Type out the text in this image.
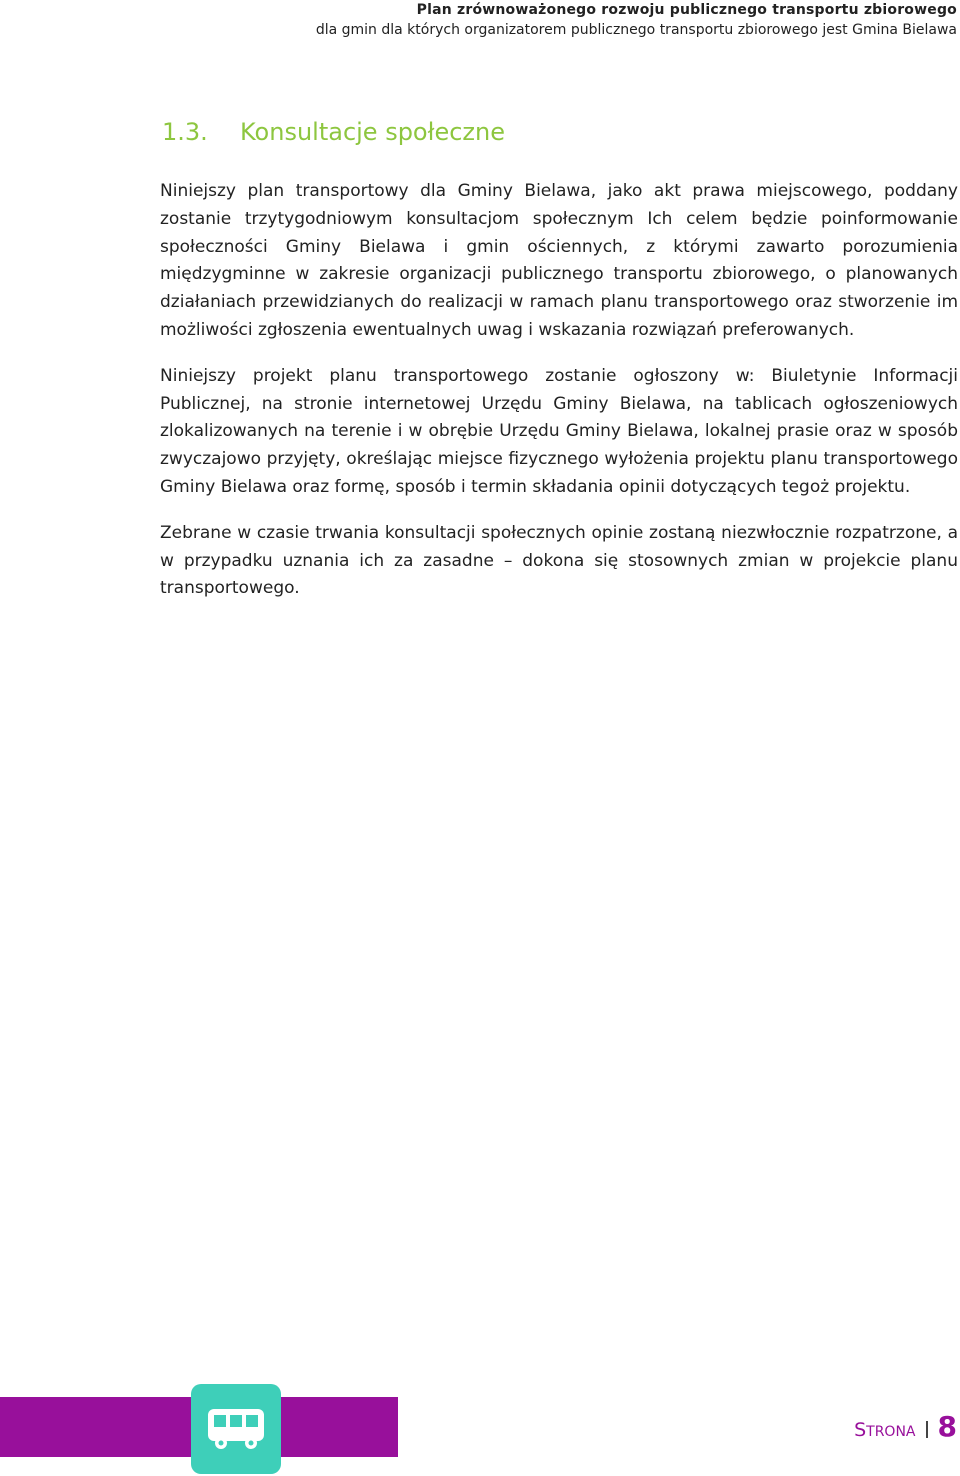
Plan zrównoważonego rozwoju publicznego transportu zbiorowego
dla gmin dla których organizatorem publicznego transportu zbiorowego jest Gmina Bielawa
1.3. Konsultacje społeczne

Niniejszy plan transportowy dla Gminy Bielawa, jako akt prawa miejscowego, poddany zostanie trzytygodniowym konsultacjom społecznym Ich celem będzie poinformowanie społeczności Gminy Bielawa i gmin ościennych, z którymi zawarto porozumienia międzygminne w zakresie organizacji publicznego transportu zbiorowego, o planowanych działaniach przewidzianych do realizacji w ramach planu transportowego oraz stworzenie im możliwości zgłoszenia ewentualnych uwag i wskazania rozwiązań preferowanych.

Niniejszy projekt planu transportowego zostanie ogłoszony w: Biuletynie Informacji Publicznej, na stronie internetowej Urzędu Gminy Bielawa, na tablicach ogłoszeniowych zlokalizowanych na terenie i w obrębie Urzędu Gminy Bielawa, lokalnej prasie oraz w sposób zwyczajowo przyjęty, określając miejsce fizycznego wyłożenia projektu planu transportowego Gminy Bielawa oraz formę, sposób i termin składania opinii dotyczących tegoż projektu.

Zebrane w czasie trwania konsultacji społecznych opinie zostaną niezwłocznie rozpatrzone, a w przypadku uznania ich za zasadne – dokona się stosownych zmian w projekcie planu transportowego.

S TRONA 8
